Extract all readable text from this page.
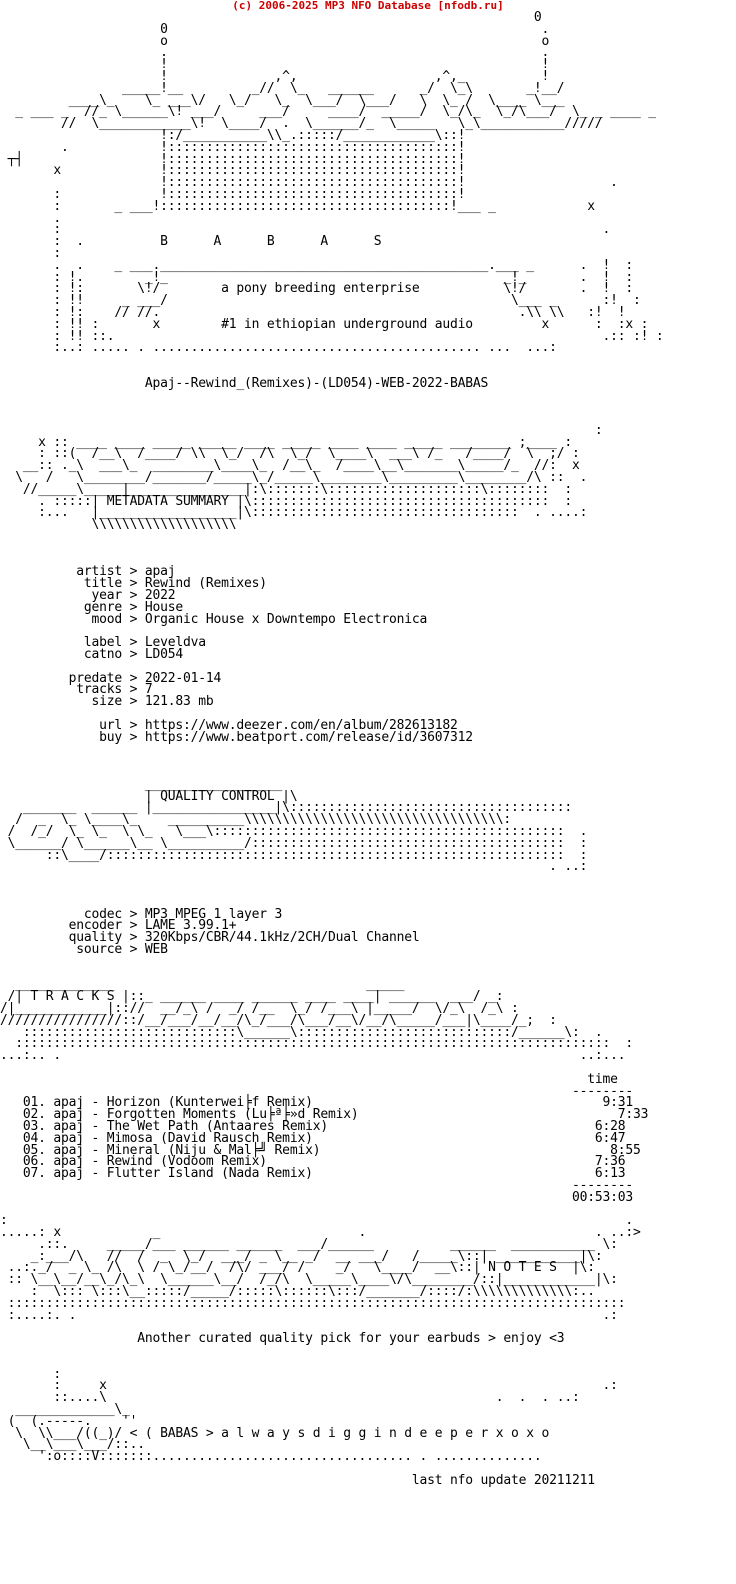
(c) 2006-2025 MP3 NFO Database [nfodb.ru]
0
0                                                 .
o                                                 o
.                                                 .
!                                                 !
!              ,^,                  ,^,_          !
_____!__         _//  \_   ______      _/  \_\       _!__/
____\_    \_ ___\/   \_/   \_  \___/  \___/   \  \_ /  \____ \___
_ ___ _  //_ \______\! ___/     ___/     ____/  _____/  \_/\_  \_/\___/  \_ _ ____ _
//  \____________\!  \____/  .  \______/_  \_____   \_\___________/////
!:/___________\\_.:::::/____________\::!
.            !::::::::::::::::::::::::::::::::::::::!
┬┤                  !::::::::::::::::::::::::::::::::::::::!
x             !::::::::::::::::::::::::::::::::::::::!
!::::::::::::::::::::::::::::::::::::::!                   .
:             !::::::::::::::::::::::::::::::::::::::!
:       _ ___!::::::::::::::::::::::::::::::::::::::!___ _            x
.
:                                                                       .
:  .          B      A      B      A      S
:
.  .    _ ___.___________________________________________.___ _      .  !  :
: !.        _!_                                            _!_       .  !  :
: !:       \!/        a pony breeding enterprise           \!/       .  !  :
: !!     _ ___/                                             \___ _      :!  :
: !:    // //.                                               .\\ \\   :!  !
: !! :       x        #1 in ethiopian underground audio         x      :  :x :
: !! ::.                                                                .:: :! :
:..: ..... . ........................................... ...  ...:

Apaj--Rewind_(Remixes)-(LD054)-WEB-2022-BABAS

:
x :: ____ ____ _____ _____ ____ _____ ____ ____ _____ ________ ;____ :
: ::(  /__\  /____/ \\  \_/  /\  \_/  \____\  ___\ /_   /____/  \  ;/ :
__:: ._\  ___\_  ________\____\_  /__\_  /____\__\_______\_____/_  //:  x
\   /   \________/_______/_____\_/_____\________\_________\________/\ ::  .
//_____\_____|_______________|:\:::::::\::::::::::::::::::::\::::::::  :
. :::::| METADATA SUMMARY |\:::::::::::::::::::::::::::::::::::::::  :
:...   |__________________|\:::::::::::::::::::::::::::::::::::  . ....:
\\\\\\\\\\\\\\\\\\\

artist > apaj
title > Rewind (Remixes)
year > 2022
genre > House
mood > Organic House x Downtempo Electronica

label > Leveldva
catno > LD054

predate > 2022-01-14
tracks > 7
size > 121.83 mb

url > https://www.deezer.com/en/album/282613182
buy > https://www.beatport.com/release/id/3607312

__________________
| QUALITY CONTROL |\
_______  ______ |________________|\:::::::::::::::::::::::::::::::::::::
/  _  \_ \____\_    __________\\\\\\\\\\\\\\\\\\\\\\\\\\\\\\\\\\:
/  /_/  \_ \_  \ \_   \___\::::::::::::::::::::::::::::::::::::::::::::::  .
\______/ \______\__ \__________/:::::::::::::::::::::::::::::::::::::::::  :
::\____/::::::::::::::::::::::::::::::::::::::::::::::::::::::::::::  :
. ..:

codec > MP3 MPEG 1 layer 3
encoder > LAME 3.99.1+
quality > 320Kbps/CBR/44.1kHz/2CH/Dual Channel
source > WEB

_____________                                 _____
/| T R A C K S |::_ ______ ____ ______ ____ ____| ______  ___/ _:
/|____________|:://  __/_\ /  _/ /__  \_/ /___\ |_____/  \/_\  /_\ :
////////////////::/__/___/__/__/\_/___/\___/__\/__/\_____/___|\____/_;  :
::::::::::::::::::::::::::::\______\::::::::::::::::::::::::::::/______\:  .
::::::::::::::::::::::::::::::::::::::::::::::::::::::::::::::::::::::::::::::  :
...:.. .                                                                    ..:...

time
--------
01. apaj - Horizon (Kunterwei╞f Remix)                                      9:31
02. apaj - Forgotten Moments (Lu╞ª╞»d Remix)                                  7:33
03. apaj - The Wet Path (Antaares Remix)                                   6:28
04. apaj - Mimosa (David Rausch Remix)                                     6:47
05. apaj - Mineral (Niju & Mal╞╝ Remix)                                      8:55
06. apaj - Rewind (Vodoom Remix)                                           7:36
07. apaj - Flutter Island (Nada Remix)                                     6:13
--------
00:53:03

:                                                                                 .
.....: x            _                          .                              . ..:>
.::.     _____/___ ______ ______  ___/______          ______  ___________ \:
_:___/\   //  /  _  \_/  ___/ _ \__ _/  __ ___/   /_____\::| ___________|\:
..:._/  _ \_ /\  \ / \_/__/  /\/ ___/ /    _/   \____/  __\::| N O T E S  |\:
:: \__\__/__\_/\_\  \______\__/  /_/\  \_____\____\/\________/::|____________|\:
:  \::: \:::\__:::::/_____/:::::\::::::\:::/_______/::::/:\\\\\\\\\\\\\:..
:::::::::::::::::::::::::::::::::::::::::::::::::::::::::::::::::::::::::::::::::
:....:. .                                                                     .:

Another curated quality pick for your earbuds > enjoy <3

:
:     x                                                                 .:
::....\                                                   .  .  . ..:
_____________\_
(  (.-----.    ''
\  \\___/((_)/ < ( BABAS > a l w a y s d i g g i n d e e p e r x o x o
\__\___\___/::..
':o::::V:::::::.................................. . ..............

last nfo update 20211211
